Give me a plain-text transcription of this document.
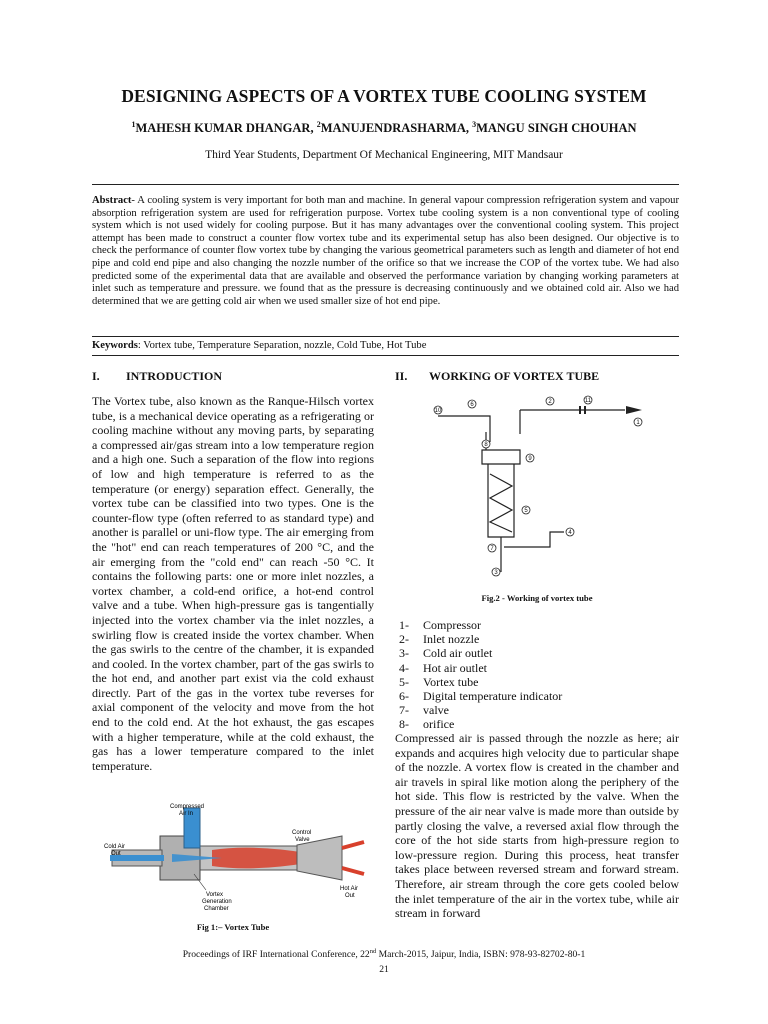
DESIGNING ASPECTS OF A VORTEX TUBE COOLING SYSTEM
$^1$MAHESH KUMAR DHANGAR, $^2$MANUJENDRASHARMA, $^3$MANGU SINGH CHOUHAN
Third Year Students, Department Of Mechanical Engineering, MIT Mandsaur
Abstract- A cooling system is very important for both man and machine. In general vapour compression refrigeration system and vapour absorption refrigeration system are used for refrigeration purpose. Vortex tube cooling system is a non conventional type of cooling system which is not used widely for cooling purpose. But it has many advantages over the conventional cooling system. This project attempt has been made to construct a counter flow vortex tube and its experimental setup has also been designed. Our objective is to check the performance of counter flow vortex tube by changing the various geometrical parameters such as length and diameter of hot end pipe and cold end pipe and also changing the nozzle number of the orifice so that we increase the COP of the vortex tube. We had also predicted some of the experimental data that are available and observed the performance variation by changing working parameters at inlet such as temperature and pressure. we found that as the pressure is decreasing continuously and we obtained cold air. Also we had determined that we are getting cold air when we used smaller size of hot end pipe.
Keywords: Vortex tube, Temperature Separation, nozzle, Cold Tube, Hot Tube
I. INTRODUCTION
The Vortex tube, also known as the Ranque-Hilsch vortex tube, is a mechanical device operating as a refrigerating or cooling machine without any moving parts, by separating a compressed air/gas stream into a low temperature region and a high one. Such a separation of the flow into regions of low and high temperature is referred to as the temperature (or energy) separation effect. Generally, the vortex tube can be classified into two types. One is the counter-flow type (often referred to as standard type) and another is parallel or uni-flow type. The air emerging from the "hot" end can reach temperatures of 200 °C, and the air emerging from the "cold end" can reach -50 °C. It contains the following parts: one or more inlet nozzles, a vortex chamber, a cold-end orifice, a hot-end control valve and a tube. When high-pressure gas is tangentially injected into the vortex chamber via the inlet nozzles, a swirling flow is created inside the vortex chamber. When the gas swirls to the centre of the chamber, it is expanded and cooled. In the vortex chamber, part of the gas swirls to the hot end, and another part exist via the cold exhaust directly. Part of the gas in the vortex tube reverses for axial component of the velocity and move from the hot end to the cold end. At the hot exhaust, the gas escapes with a higher temperature, while at the cold exhaust, the gas has a lower temperature compared to the inlet temperature.
Compressed
Air In
Control
Valve
Cold Air
Out
Hot Air
Out
Vortex
Generation
Chamber
Fig 1:– Vortex Tube
II. WORKING OF VORTEX TUBE
10
6	2	11
1
8
5
4
7
3
9
Fig.2 - Working of vortex tube
1-	Compressor
2-	Inlet nozzle
3-	Cold air outlet
4-	Hot air outlet
5-	Vortex tube
6-	Digital temperature indicator
7-	valve
8-	orifice
Compressed air is passed through the nozzle as here; air expands and acquires high velocity due to particular shape of the nozzle. A vortex flow is created in the chamber and air travels in spiral like motion along the periphery of the hot side. This flow is restricted by the valve. When the pressure of the air near valve is made more than outside by partly closing the valve, a reversed axial flow through the core of the hot side starts from high-pressure region to low-pressure region. During this process, heat transfer takes place between reversed stream and forward stream. Therefore, air stream through the core gets cooled below the inlet temperature of the air in the vortex tube, while air stream in forward
Proceedings of IRF International Conference, 22nd March-2015, Jaipur, India, ISBN: 978-93-82702-80-1
21
